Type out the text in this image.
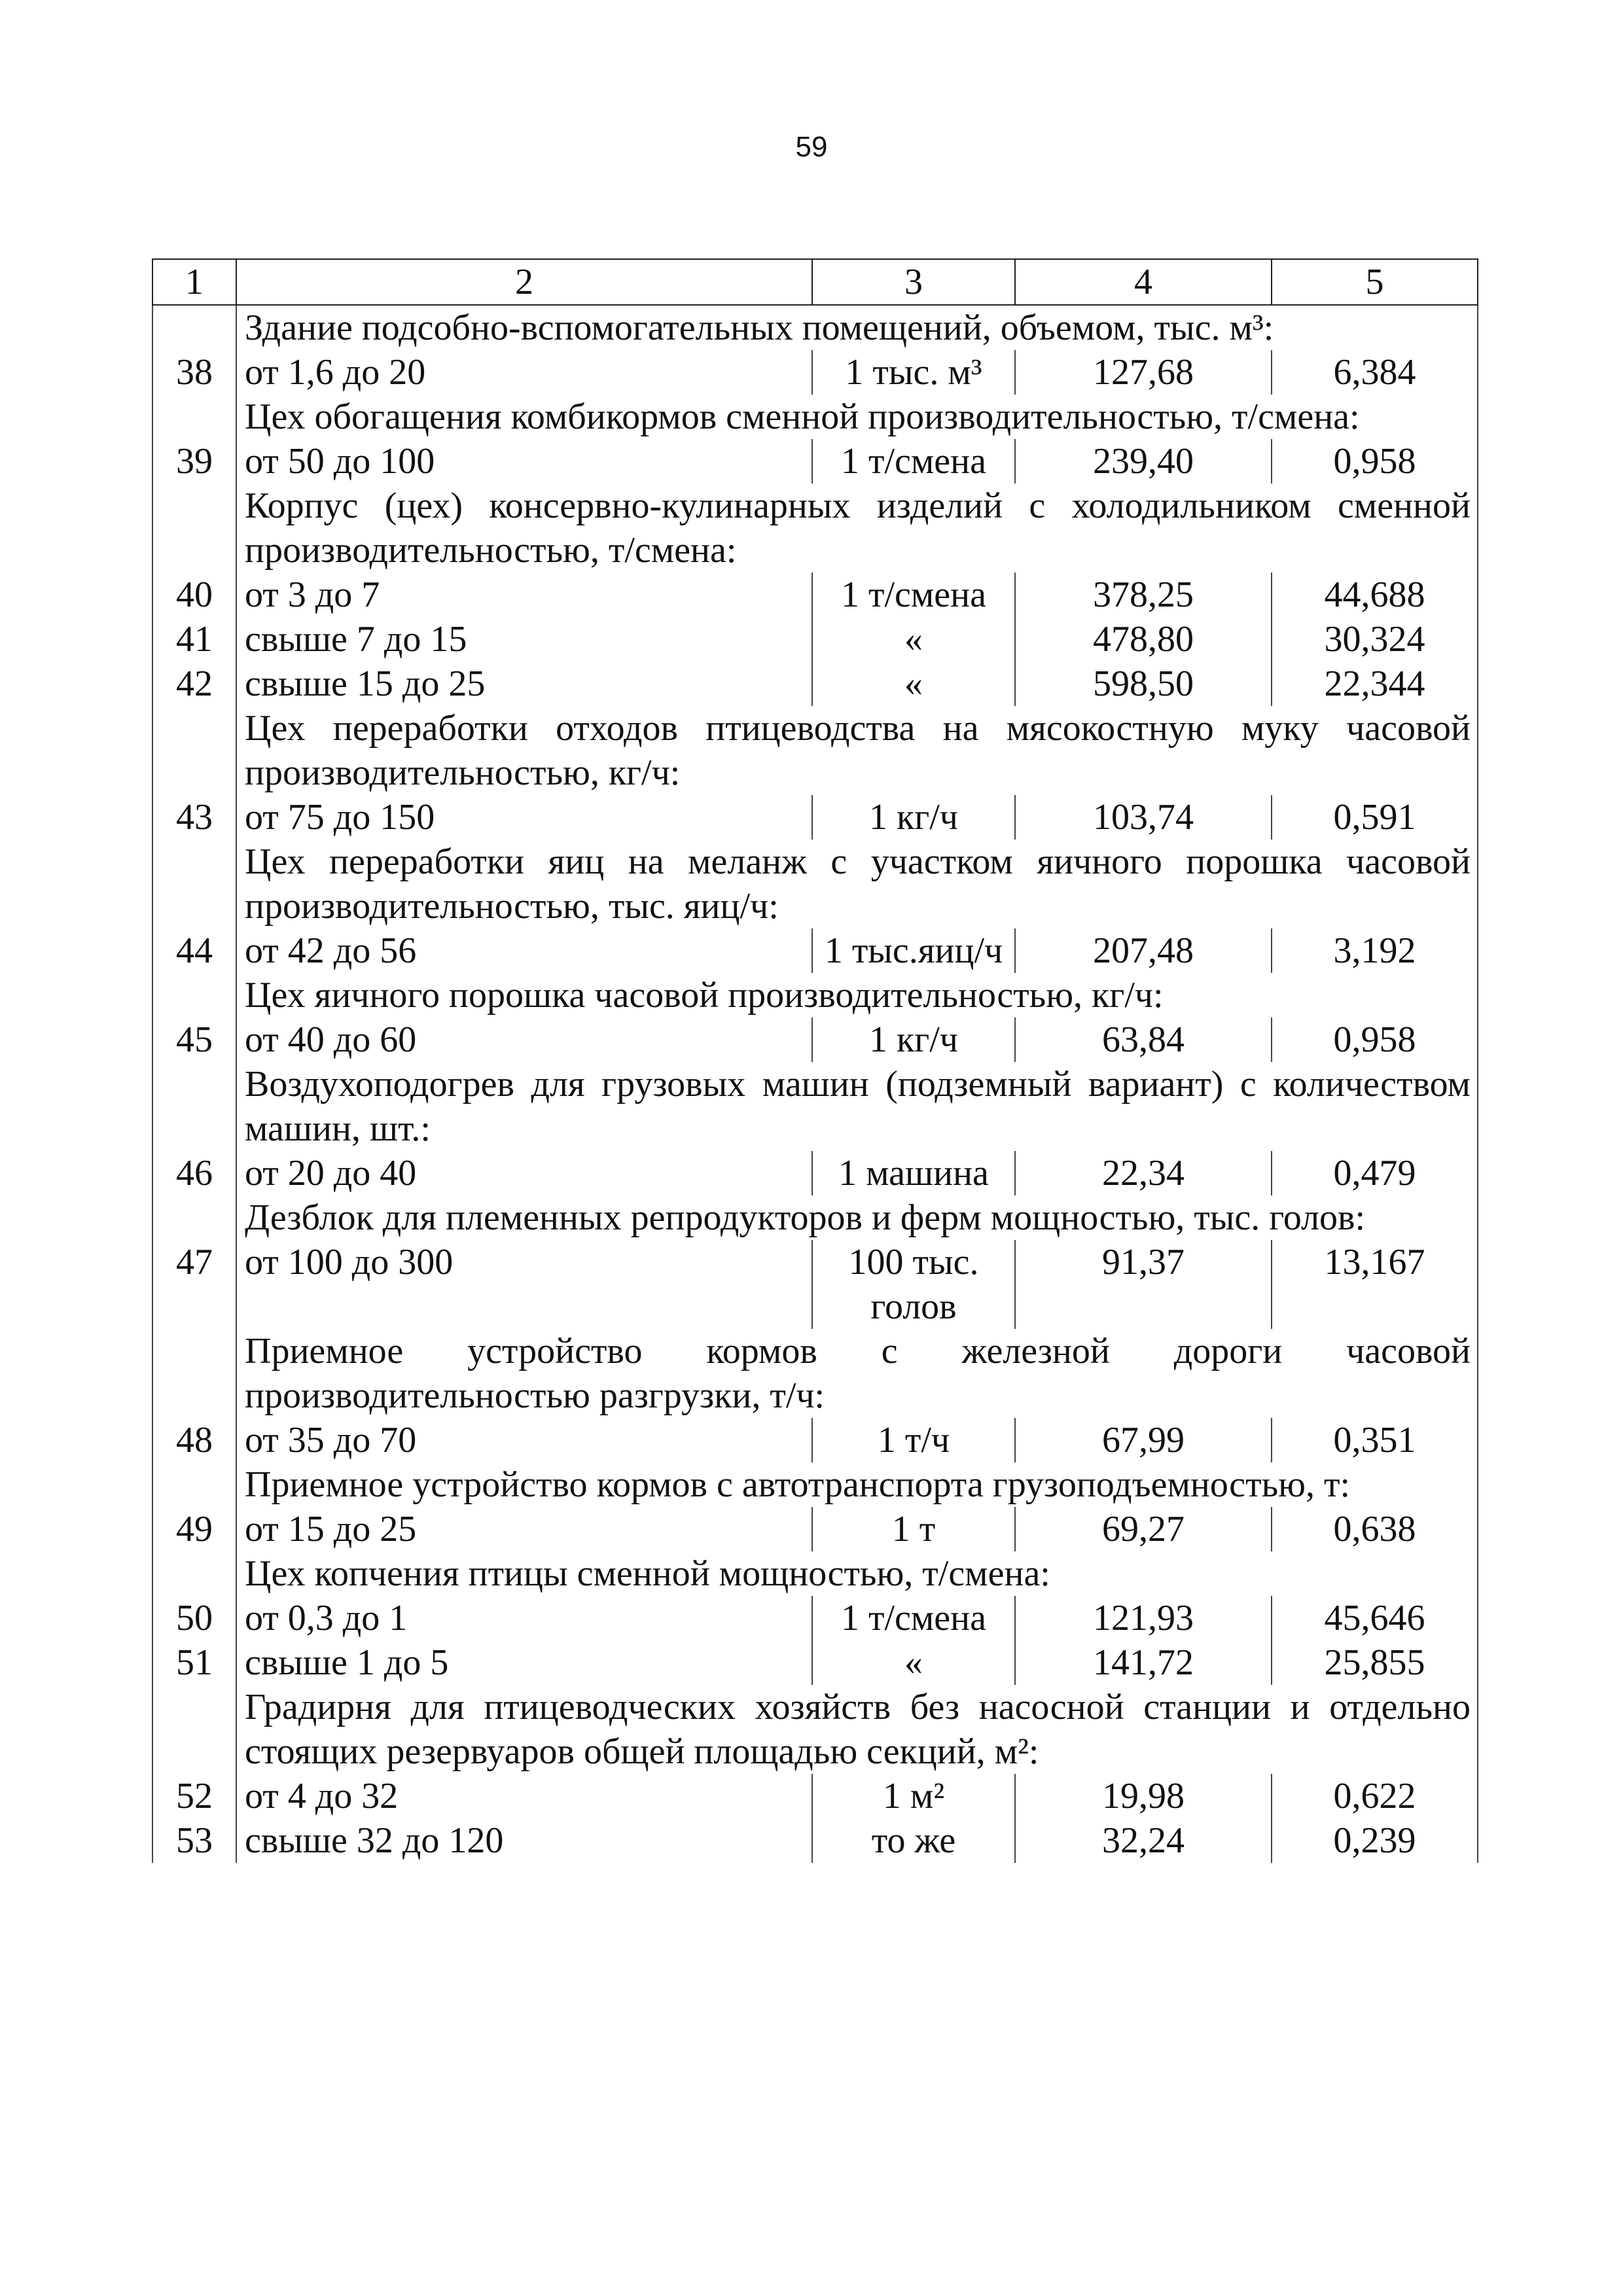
59
1	2	3	4	5
	Здание подсобно-вспомогательных помещений, объемом, тыс. м³:			
38	от 1,6 до 20	1 тыс. м³	127,68	6,384
	Цех обогащения комбикормов сменной производительностью, т/смена:			
39	от 50 до 100	1 т/смена	239,40	0,958
	Корпус (цех) консервно-кулинарных изделий с холодильником сменной производительностью, т/смена:			
40	от 3 до 7	1 т/смена	378,25	44,688
41	свыше 7 до 15	«	478,80	30,324
42	свыше 15 до 25	«	598,50	22,344
	Цех переработки отходов птицеводства на мясокостную муку часовой производительностью, кг/ч:			
43	от 75 до 150	1 кг/ч	103,74	0,591
	Цех переработки яиц на меланж с участком яичного порошка часовой производительностью, тыс. яиц/ч:			
44	от 42 до 56	1 тыс.яиц/ч	207,48	3,192
	Цех яичного порошка часовой производительностью, кг/ч:			
45	от 40 до 60	1 кг/ч	63,84	0,958
	Воздухоподогрев для грузовых машин (подземный вариант) с количеством машин, шт.:			
46	от 20 до 40	1 машина	22,34	0,479
	Дезблок для племенных репродукторов и ферм мощностью, тыс. голов:			
47	от 100 до 300	100 тыс. голов	91,37	13,167
	Приемное устройство кормов с железной дороги часовой производительностью разгрузки, т/ч:			
48	от 35 до 70	1 т/ч	67,99	0,351
	Приемное устройство кормов с автотранспорта грузоподъемностью, т:			
49	от 15 до 25	1 т	69,27	0,638
	Цех копчения птицы сменной мощностью, т/смена:			
50	от 0,3 до 1	1 т/смена	121,93	45,646
51	свыше 1 до 5	«	141,72	25,855
	Градирня для птицеводческих хозяйств без насосной станции и отдельно стоящих резервуаров общей площадью секций, м²:			
52	от 4 до 32	1 м²	19,98	0,622
53	свыше 32 до 120	то же	32,24	0,239
